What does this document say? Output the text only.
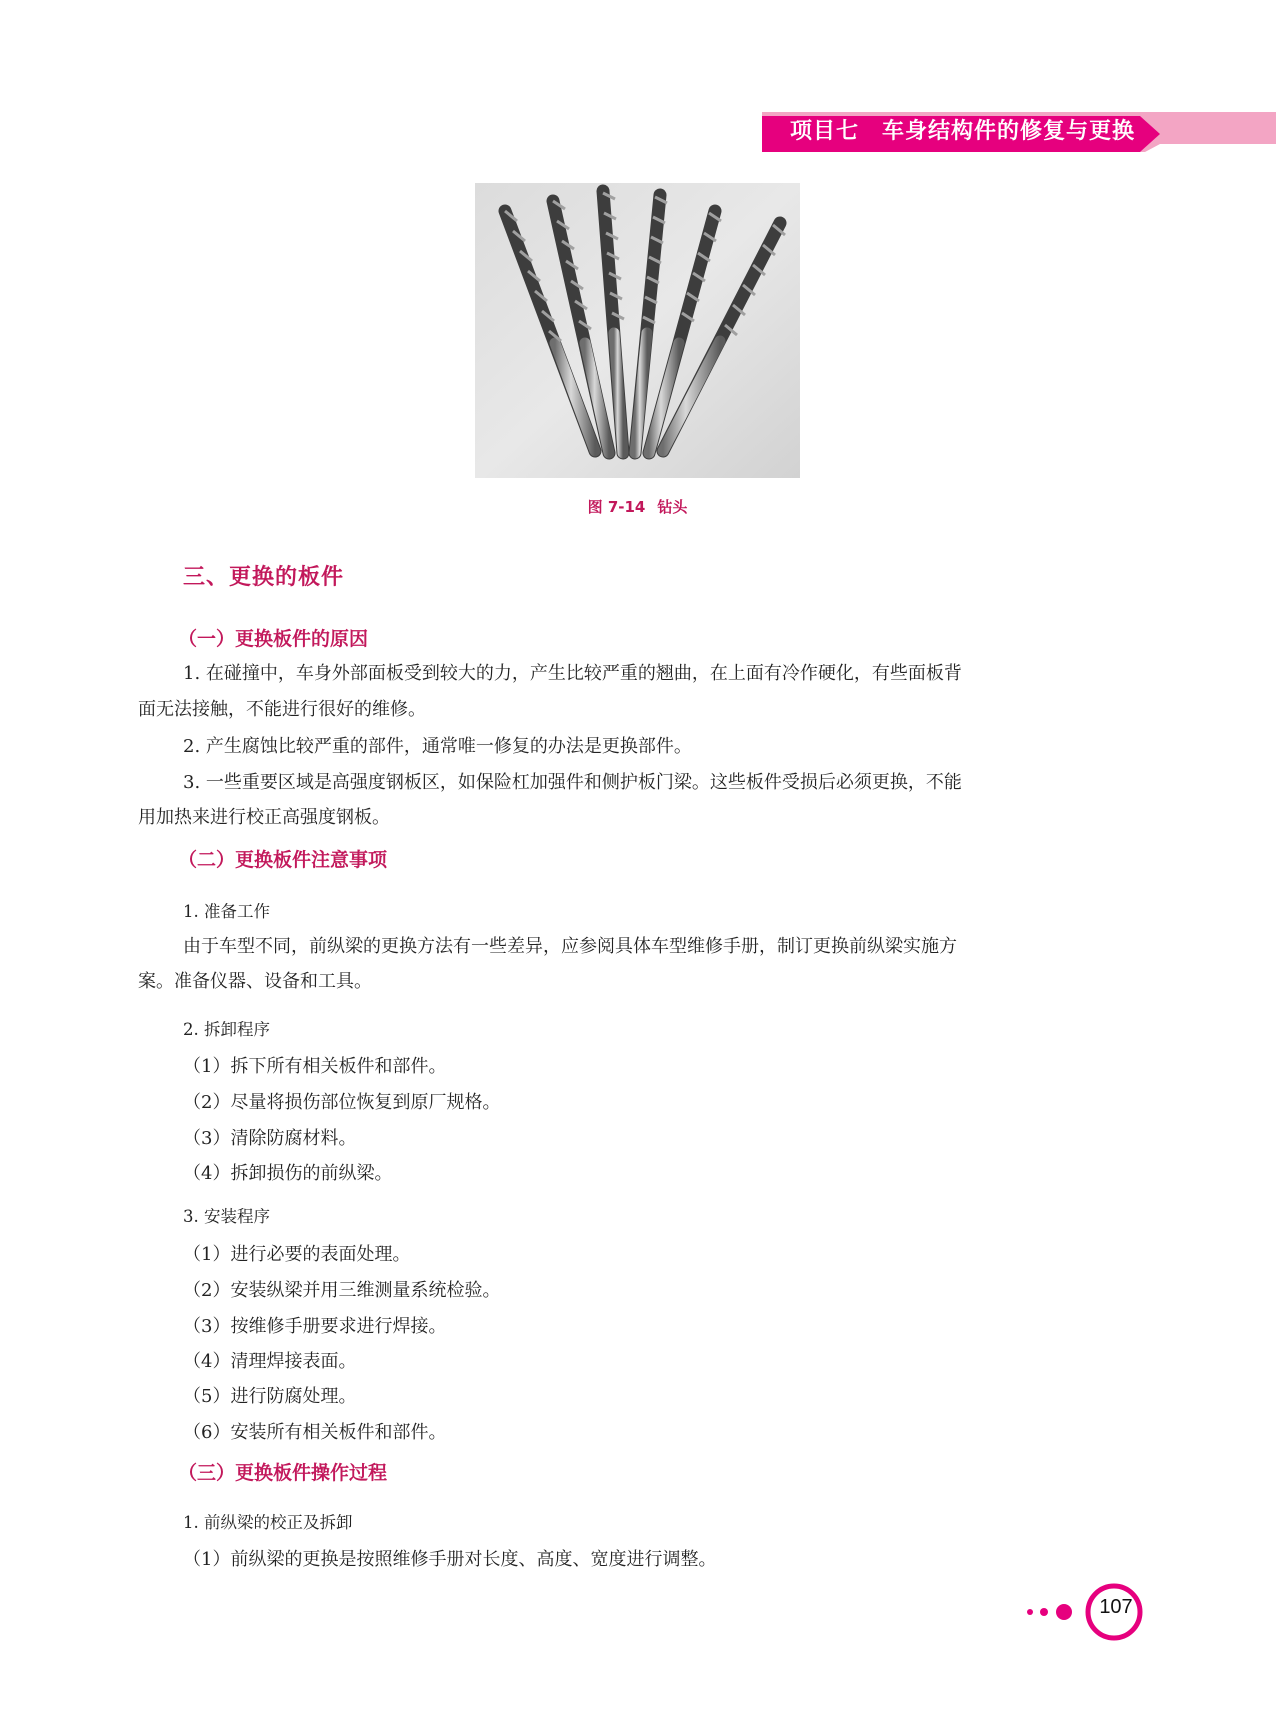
项目七　车身结构件的修复与更换
图 7-14 钻头
三、更换的板件
（一）更换板件的原因
1. 在碰撞中，车身外部面板受到较大的力，产生比较严重的翘曲，在上面有冷作硬化，有些面板背
面无法接触，不能进行很好的维修。
2. 产生腐蚀比较严重的部件，通常唯一修复的办法是更换部件。
3. 一些重要区域是高强度钢板区，如保险杠加强件和侧护板门梁。这些板件受损后必须更换，不能
用加热来进行校正高强度钢板。
（二）更换板件注意事项
1. 准备工作
由于车型不同，前纵梁的更换方法有一些差异，应参阅具体车型维修手册，制订更换前纵梁实施方
案。准备仪器、设备和工具。
2. 拆卸程序
（1）拆下所有相关板件和部件。
（2）尽量将损伤部位恢复到原厂规格。
（3）清除防腐材料。
（4）拆卸损伤的前纵梁。
3. 安装程序
（1）进行必要的表面处理。
（2）安装纵梁并用三维测量系统检验。
（3）按维修手册要求进行焊接。
（4）清理焊接表面。
（5）进行防腐处理。
（6）安装所有相关板件和部件。
（三）更换板件操作过程
1. 前纵梁的校正及拆卸
（1）前纵梁的更换是按照维修手册对长度、高度、宽度进行调整。
107
